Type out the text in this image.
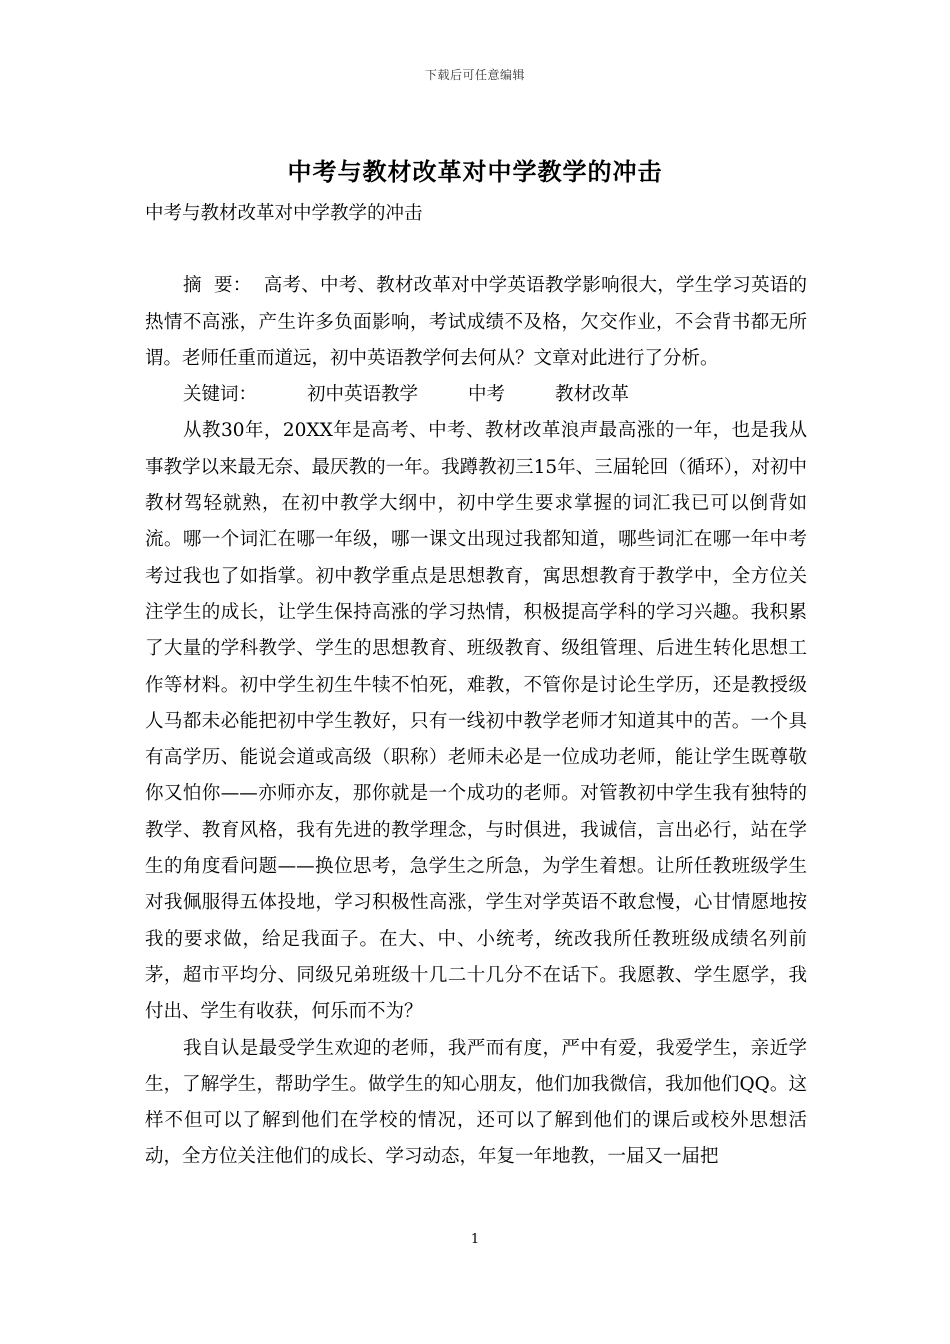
下载后可任意编辑
中考与教材改革对中学教学的冲击

中考与教材改革对中学教学的冲击

摘  要： 高考、中考、教材改革对中学英语教学影响很大，学生学习英语的热情不高涨，产生许多负面影响，考试成绩不及格，欠交作业，不会背书都无所谓。老师任重而道远，初中英语教学何去何从？文章对此进行了分析。

关键词：	初中英语教学	中考	教材改革

从教30年，20XX年是高考、中考、教材改革浪声最高涨的一年，也是我从事教学以来最无奈、最厌教的一年。我蹲教初三15年、三届轮回（循环），对初中教材驾轻就熟，在初中教学大纲中，初中学生要求掌握的词汇我已可以倒背如流。哪一个词汇在哪一年级，哪一课文出现过我都知道，哪些词汇在哪一年中考考过我也了如指掌。初中教学重点是思想教育，寓思想教育于教学中，全方位关注学生的成长，让学生保持高涨的学习热情，积极提高学科的学习兴趣。我积累了大量的学科教学、学生的思想教育、班级教育、级组管理、后进生转化思想工作等材料。初中学生初生牛犊不怕死，难教，不管你是讨论生学历，还是教授级人马都未必能把初中学生教好，只有一线初中教学老师才知道其中的苦。一个具有高学历、能说会道或高级（职称）老师未必是一位成功老师，能让学生既尊敬你又怕你——亦师亦友，那你就是一个成功的老师。对管教初中学生我有独特的教学、教育风格，我有先进的教学理念，与时俱进，我诚信，言出必行，站在学生的角度看问题——换位思考，急学生之所急，为学生着想。让所任教班级学生对我佩服得五体投地，学习积极性高涨，学生对学英语不敢怠慢，心甘情愿地按我的要求做，给足我面子。在大、中、小统考，统改我所任教班级成绩名列前茅，超市平均分、同级兄弟班级十几二十几分不在话下。我愿教、学生愿学，我付出、学生有收获，何乐而不为？

我自认是最受学生欢迎的老师，我严而有度，严中有爱，我爱学生，亲近学生，了解学生，帮助学生。做学生的知心朋友，他们加我微信，我加他们QQ。这样不但可以了解到他们在学校的情况，还可以了解到他们的课后或校外思想活动，全方位关注他们的成长、学习动态，年复一年地教，一届又一届把

1
